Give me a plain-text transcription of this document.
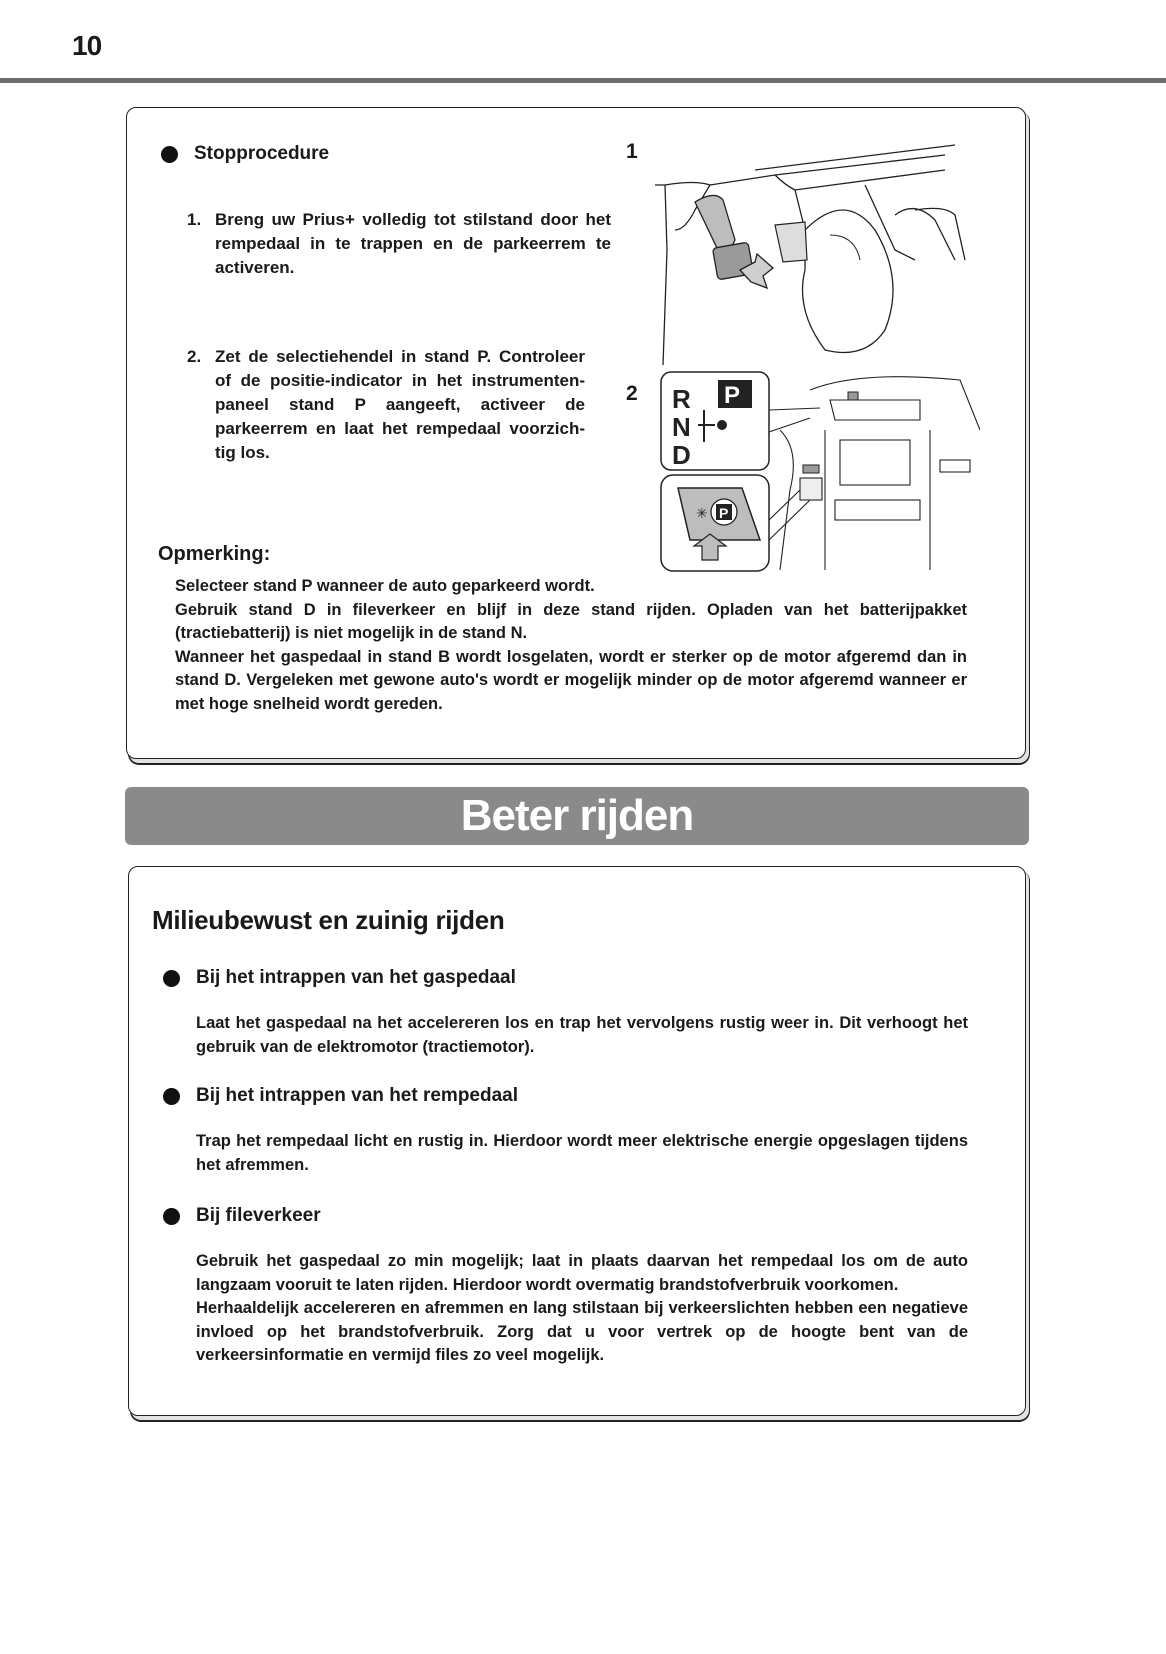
10
Stopprocedure
1. Breng uw Prius+ volledig tot stilstand door het rempedaal in te trappen en de parkeerrem te activeren.
2. Zet de selectiehendel in stand P. Controleer of de positie-indicator in het instrumenten-paneel stand P aangeeft, activeer de parkeerrem en laat het rempedaal voorzich-tig los.
1
2 R
N
D
P
P
✳
Opmerking:

Selecteer stand P wanneer de auto geparkeerd wordt.

Gebruik stand D in fileverkeer en blijf in deze stand rijden. Opladen van het batterijpakket (tractiebatterij) is niet mogelijk in de stand N.

Wanneer het gaspedaal in stand B wordt losgelaten, wordt er sterker op de motor afgeremd dan in stand D. Vergeleken met gewone auto's wordt er mogelijk minder op de motor afgeremd wanneer er met hoge snelheid wordt gereden.

Beter rijden
Milieubewust en zuinig rijden
Bij het intrappen van het gaspedaal

Laat het gaspedaal na het accelereren los en trap het vervolgens rustig weer in. Dit verhoogt het gebruik van de elektromotor (tractiemotor).

Bij het intrappen van het rempedaal

Trap het rempedaal licht en rustig in. Hierdoor wordt meer elektrische energie opgeslagen tijdens het afremmen.

Bij fileverkeer

Gebruik het gaspedaal zo min mogelijk; laat in plaats daarvan het rempedaal los om de auto langzaam vooruit te laten rijden. Hierdoor wordt overmatig brandstofverbruik voorkomen.

Herhaaldelijk accelereren en afremmen en lang stilstaan bij verkeerslichten hebben een negatieve invloed op het brandstofverbruik. Zorg dat u voor vertrek op de hoogte bent van de verkeersinformatie en vermijd files zo veel mogelijk.
